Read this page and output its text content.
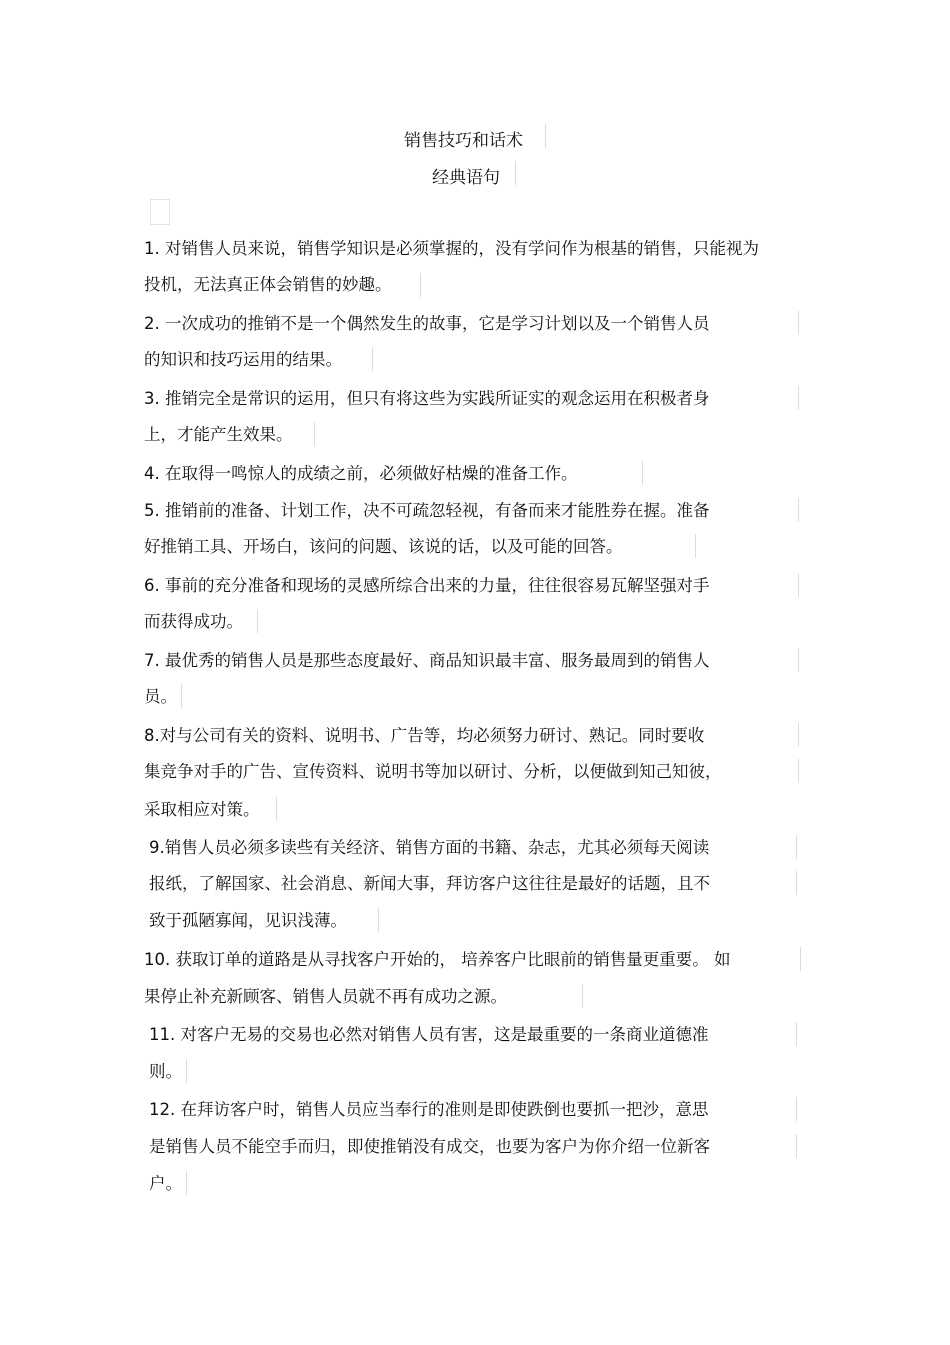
销售技巧和话术
经典语句
1. 对销售人员来说，销售学知识是必须掌握的，没有学问作为根基的销售，只能视为
投机，无法真正体会销售的妙趣。
2. 一次成功的推销不是一个偶然发生的故事，它是学习计划以及一个销售人员
的知识和技巧运用的结果。
3. 推销完全是常识的运用，但只有将这些为实践所证实的观念运用在积极者身
上，才能产生效果。
4. 在取得一鸣惊人的成绩之前，必须做好枯燥的准备工作。
5. 推销前的准备、计划工作，决不可疏忽轻视，有备而来才能胜券在握。准备
好推销工具、开场白，该问的问题、该说的话，以及可能的回答。
6. 事前的充分准备和现场的灵感所综合出来的力量，往往很容易瓦解坚强对手
而获得成功。
7. 最优秀的销售人员是那些态度最好、商品知识最丰富、服务最周到的销售人
员。
8.对与公司有关的资料、说明书、广告等，均必须努力研讨、熟记。同时要收
集竞争对手的广告、宣传资料、说明书等加以研讨、分析，以便做到知己知彼，
采取相应对策。
9.销售人员必须多读些有关经济、销售方面的书籍、杂志，尤其必须每天阅读
报纸，了解国家、社会消息、新闻大事，拜访客户这往往是最好的话题，且不
致于孤陋寡闻，见识浅薄。
10. 获取订单的道路是从寻找客户开始的， 培养客户比眼前的销售量更重要。 如
果停止补充新顾客、销售人员就不再有成功之源。
11. 对客户无易的交易也必然对销售人员有害，这是最重要的一条商业道德准
则。
12. 在拜访客户时，销售人员应当奉行的准则是即使跌倒也要抓一把沙，意思
是销售人员不能空手而归，即使推销没有成交，也要为客户为你介绍一位新客
户。
